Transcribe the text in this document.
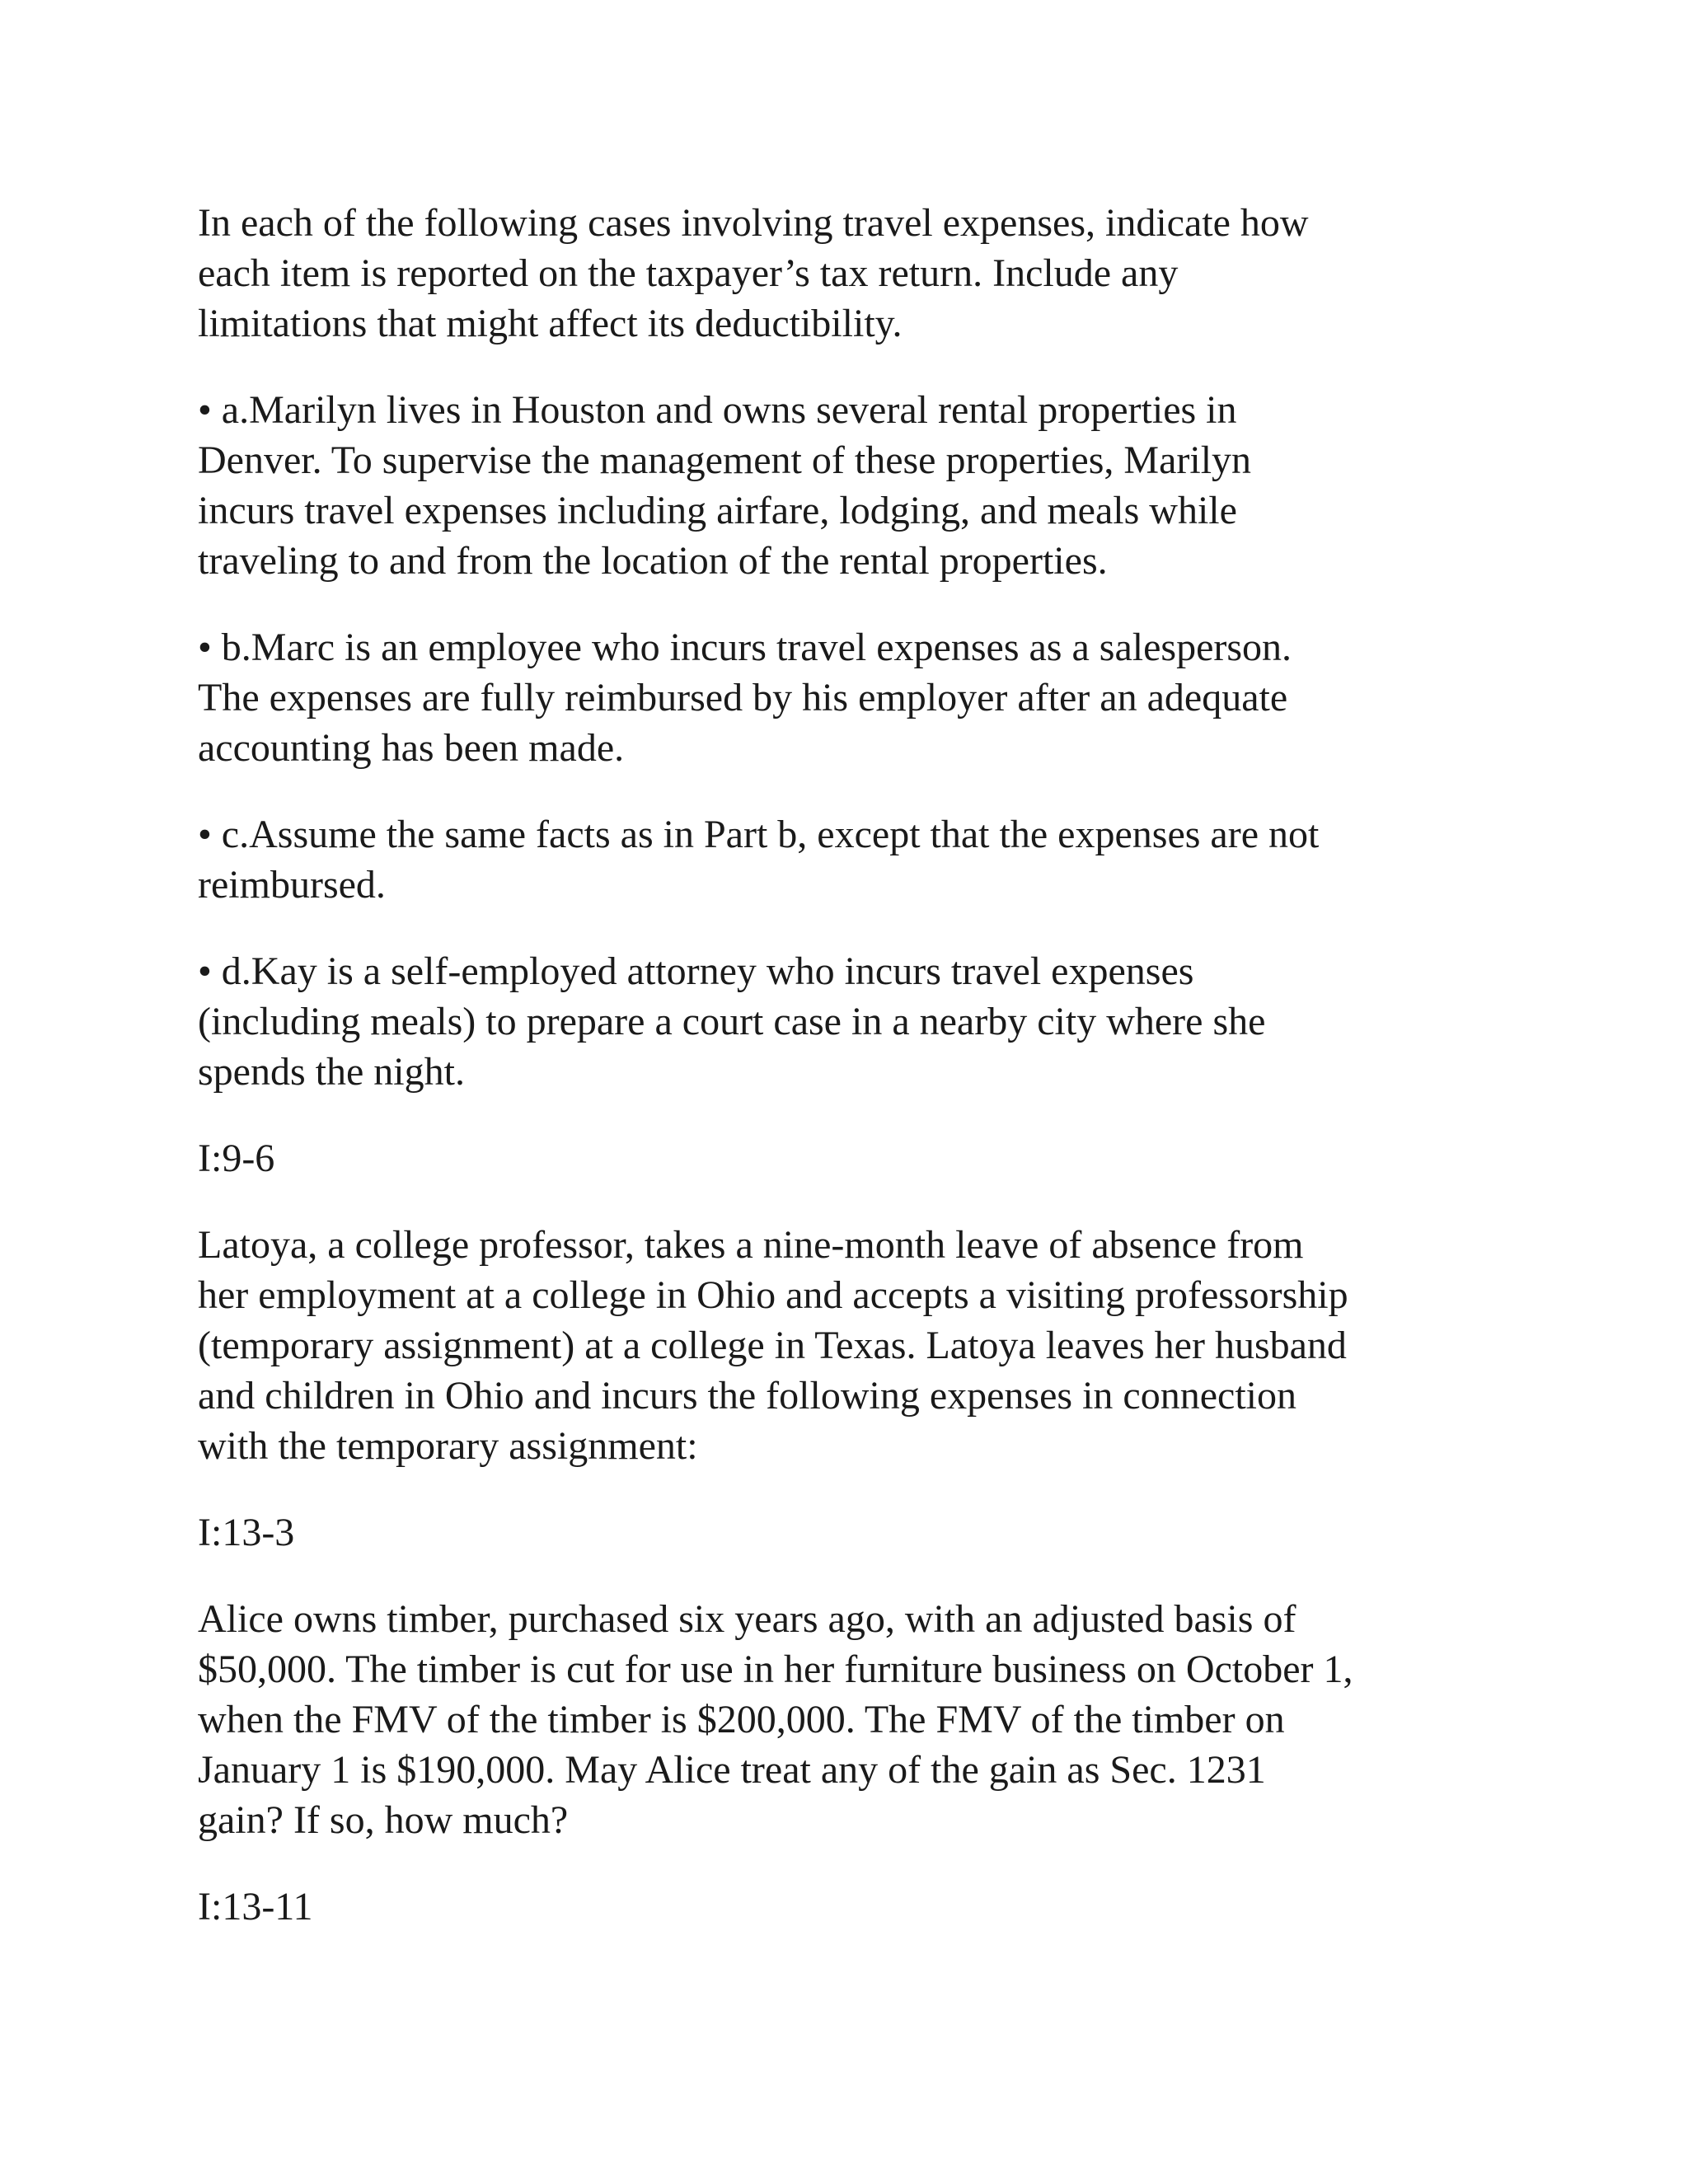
In each of the following cases involving travel expenses, indicate how
each item is reported on the taxpayer’s tax return. Include any
limitations that might affect its deductibility.

• a.Marilyn lives in Houston and owns several rental properties in
Denver. To supervise the management of these properties, Marilyn
incurs travel expenses including airfare, lodging, and meals while
traveling to and from the location of the rental properties.

• b.Marc is an employee who incurs travel expenses as a salesperson.
The expenses are fully reimbursed by his employer after an adequate
accounting has been made.

• c.Assume the same facts as in Part b, except that the expenses are not
reimbursed.

• d.Kay is a self-employed attorney who incurs travel expenses
(including meals) to prepare a court case in a nearby city where she
spends the night.

I:9-6

Latoya, a college professor, takes a nine-month leave of absence from
her employment at a college in Ohio and accepts a visiting professorship
(temporary assignment) at a college in Texas. Latoya leaves her husband
and children in Ohio and incurs the following expenses in connection
with the temporary assignment:

I:13-3

Alice owns timber, purchased six years ago, with an adjusted basis of
$50,000. The timber is cut for use in her furniture business on October 1,
when the FMV of the timber is $200,000. The FMV of the timber on
January 1 is $190,000. May Alice treat any of the gain as Sec. 1231
gain? If so, how much?

I:13-11
